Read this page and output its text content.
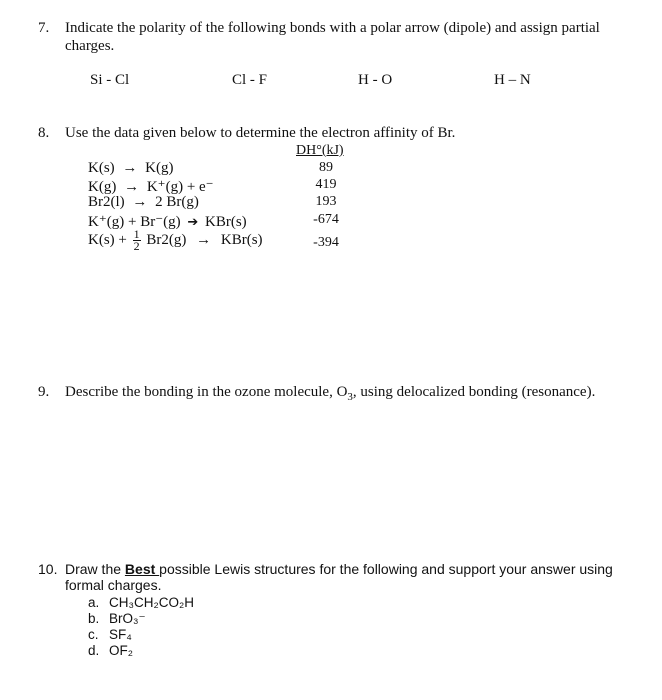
7. Indicate the polarity of the following bonds with a polar arrow (dipole) and assign partial
charges.
Si - Cl	Cl - F	H - O	H – N
8. Use the data given below to determine the electron affinity of Br.
DH°(kJ)
K(s) → K(g)	89
K(g) → K⁺(g) + e⁻	419
Br2(l) → 2 Br(g)	193
K⁺(g) + Br⁻(g) ➔ KBr(s)	-674
$K(s) + \frac{1}{2} Br2(g) \to KBr(s)$	-394
9. Describe the bonding in the ozone molecule, $O_3$, using delocalized bonding (resonance).
10. Draw the Best possible Lewis structures for the following and support your answer using
formal charges.
a. CH₃CH₂CO₂H
b. BrO₃⁻
c. SF₄
d. OF₂
